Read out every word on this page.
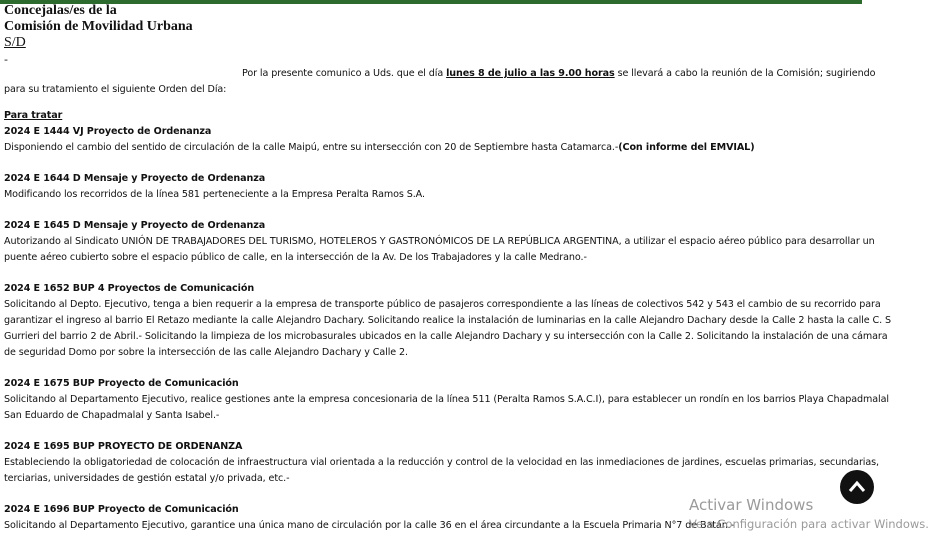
Concejalas/es de la
Comisión de Movilidad Urbana
S/D
-
Por la presente comunico a Uds. que el día lunes 8 de julio a las 9.00 horas se llevará a cabo la reunión de la Comisión; sugiriendo
para su tratamiento el siguiente Orden del Día:
Para tratar
2024 E 1444 VJ Proyecto de Ordenanza
Disponiendo el cambio del sentido de circulación de la calle Maipú, entre su intersección con 20 de Septiembre hasta Catamarca.-(Con informe del EMVIAL)
2024 E 1644 D Mensaje y Proyecto de Ordenanza
Modificando los recorridos de la línea 581 perteneciente a la Empresa Peralta Ramos S.A.
2024 E 1645 D Mensaje y Proyecto de Ordenanza
Autorizando al Sindicato UNIÓN DE TRABAJADORES DEL TURISMO, HOTELEROS Y GASTRONÓMICOS DE LA REPÚBLICA ARGENTINA, a utilizar el espacio aéreo público para desarrollar un
puente aéreo cubierto sobre el espacio público de calle, en la intersección de la Av. De los Trabajadores y la calle Medrano.-
2024 E 1652 BUP 4 Proyectos de Comunicación
Solicitando al Depto. Ejecutivo, tenga a bien requerir a la empresa de transporte público de pasajeros correspondiente a las líneas de colectivos 542 y 543 el cambio de su recorrido para
garantizar el ingreso al barrio El Retazo mediante la calle Alejandro Dachary. Solicitando realice la instalación de luminarias en la calle Alejandro Dachary desde la Calle 2 hasta la calle C. S
Gurrieri del barrio 2 de Abril.- Solicitando la limpieza de los microbasurales ubicados en la calle Alejandro Dachary y su intersección con la Calle 2. Solicitando la instalación de una cámara
de seguridad Domo por sobre la intersección de las calle Alejandro Dachary y Calle 2.
2024 E 1675 BUP Proyecto de Comunicación
Solicitando al Departamento Ejecutivo, realice gestiones ante la empresa concesionaria de la línea 511 (Peralta Ramos S.A.C.I), para establecer un rondín en los barrios Playa Chapadmalal
San Eduardo de Chapadmalal y Santa Isabel.-
2024 E 1695 BUP PROYECTO DE ORDENANZA
Estableciendo la obligatoriedad de colocación de infraestructura vial orientada a la reducción y control de la velocidad en las inmediaciones de jardines, escuelas primarias, secundarias,
terciarias, universidades de gestión estatal y/o privada, etc.-
2024 E 1696 BUP Proyecto de Comunicación
Solicitando al Departamento Ejecutivo, garantice una única mano de circulación por la calle 36 en el área circundante a la Escuela Primaria N°7 de Batán.-
Activar Windows
Ve a Configuración para activar Windows.
